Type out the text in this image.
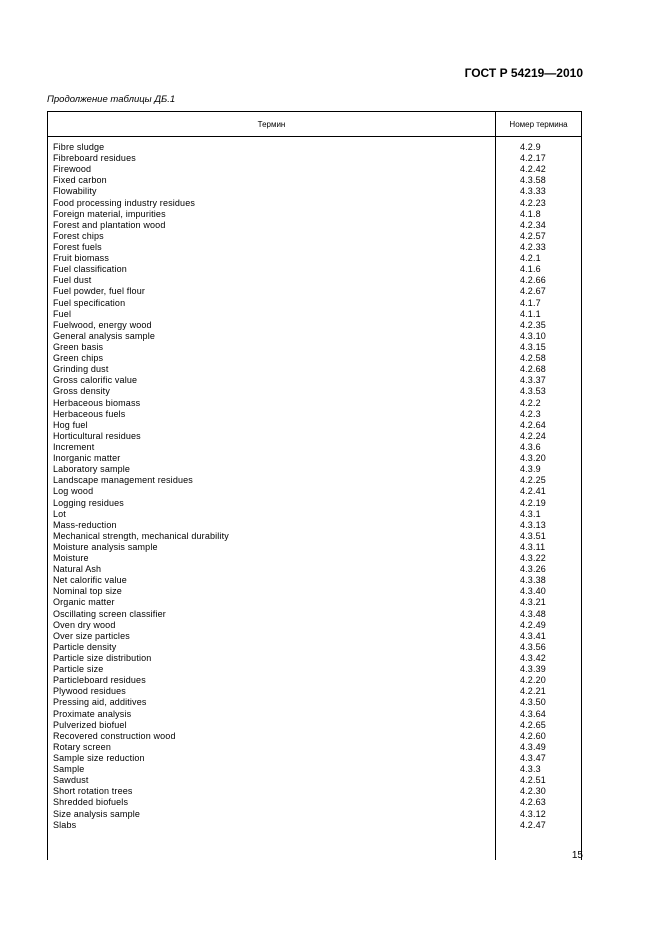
ГОСТ Р 54219—2010
Продолжение таблицы ДБ.1
Термин	Номер термина
Fibre sludge
Fibreboard residues
Firewood
Fixed carbon
Flowability
Food processing industry residues
Foreign material, impurities
Forest and plantation wood
Forest chips
Forest fuels
Fruit biomass
Fuel classification
Fuel dust
Fuel powder, fuel flour
Fuel specification
Fuel
Fuelwood, energy wood
General analysis sample
Green basis
Green chips
Grinding dust
Gross calorific value
Gross density
Herbaceous biomass
Herbaceous fuels
Hog fuel
Horticultural residues
Increment
Inorganic matter
Laboratory sample
Landscape management residues
Log wood
Logging residues
Lot
Mass-reduction
Mechanical strength, mechanical durability
Moisture analysis sample
Moisture
Natural Ash
Net calorific value
Nominal top size
Organic matter
Oscillating screen classifier
Oven dry wood
Over size particles
Particle density
Particle size distribution
Particle size
Particleboard residues
Plywood residues
Pressing aid, additives
Proximate analysis
Pulverized biofuel
Recovered construction wood
Rotary screen
Sample size reduction
Sample
Sawdust
Short rotation trees
Shredded biofuels
Size analysis sample
Slabs
4.2.9
4.2.17
4.2.42
4.3.58
4.3.33
4.2.23
4.1.8
4.2.34
4.2.57
4.2.33
4.2.1
4.1.6
4.2.66
4.2.67
4.1.7
4.1.1
4.2.35
4.3.10
4.3.15
4.2.58
4.2.68
4.3.37
4.3.53
4.2.2
4.2.3
4.2.64
4.2.24
4.3.6
4.3.20
4.3.9
4.2.25
4.2.41
4.2.19
4.3.1
4.3.13
4.3.51
4.3.11
4.3.22
4.3.26
4.3.38
4.3.40
4.3.21
4.3.48
4.2.49
4.3.41
4.3.56
4.3.42
4.3.39
4.2.20
4.2.21
4.3.50
4.3.64
4.2.65
4.2.60
4.3.49
4.3.47
4.3.3
4.2.51
4.2.30
4.2.63
4.3.12
4.2.47
15
